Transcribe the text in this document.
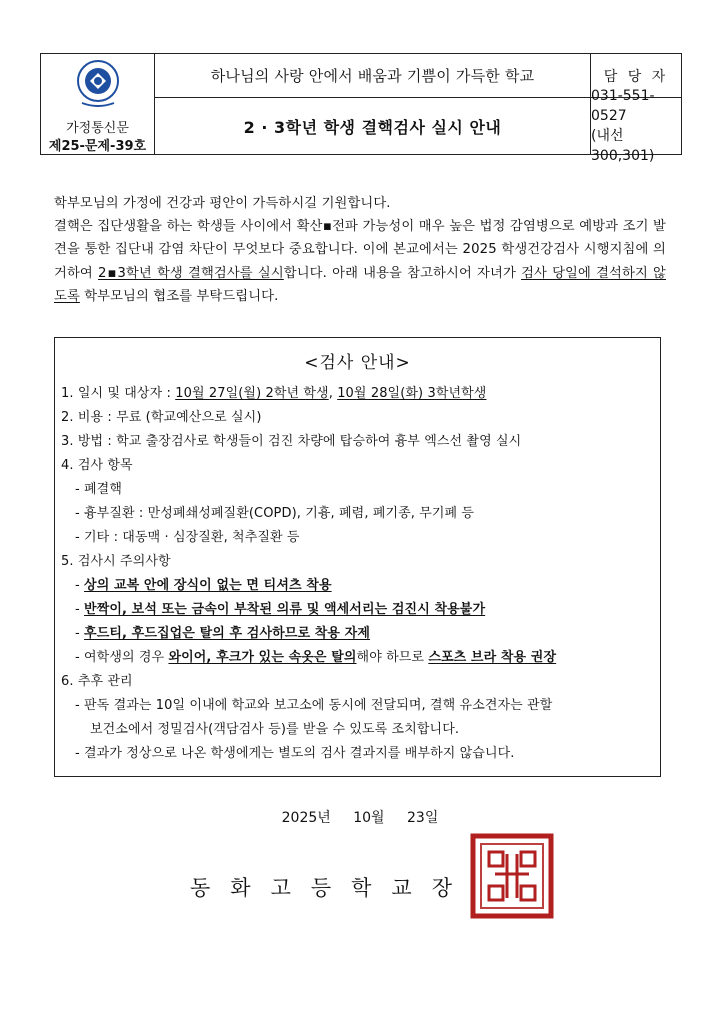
가정통신문
제25-문제-39호
하나님의 사랑 안에서 배움과 기쁨이 가득한 학교
2 · 3학년 학생 결핵검사 실시 안내
담 당 자
031-551-0527
(내선 300,301)
학부모님의 가정에 건강과 평안이 가득하시길 기원합니다.
결핵은 집단생활을 하는 학생들 사이에서 확산▪전파 가능성이 매우 높은 법정 감염병으로 예방과 조기 발견을 통한 집단내 감염 차단이 무엇보다 중요합니다. 이에 본교에서는 2025 학생건강검사 시행지침에 의거하여 2▪3학년 학생 결핵검사를 실시합니다. 아래 내용을 참고하시어 자녀가 검사 당일에 결석하지 않도록 학부모님의 협조를 부탁드립니다.
<검사 안내>
1. 일시 및 대상자 : 10월 27일(월) 2학년 학생, 10월 28일(화) 3학년학생
2. 비용 : 무료 (학교예산으로 실시)
3. 방법 : 학교 출장검사로 학생들이 검진 차량에 탑승하여 흉부 엑스선 촬영 실시
4. 검사 항목
- 폐결핵
- 흉부질환 : 만성폐쇄성폐질환(COPD), 기흉, 폐렴, 폐기종, 무기폐 등
- 기타 : 대동맥 · 심장질환, 척추질환 등
5. 검사시 주의사항
- 상의 교복 안에 장식이 없는 면 티셔츠 착용
- 반짝이, 보석 또는 금속이 부착된 의류 및 액세서리는 검진시 착용불가
- 후드티, 후드집업은 탈의 후 검사하므로 착용 자제
- 여학생의 경우 와이어, 후크가 있는 속옷은 탈의해야 하므로 스포츠 브라 착용 권장
6. 추후 관리
- 판독 결과는 10일 이내에 학교와 보고소에 동시에 전달되며, 결핵 유소견자는 관할
보건소에서 정밀검사(객담검사 등)를 받을 수 있도록 조치합니다.
- 결과가 정상으로 나온 학생에게는 별도의 검사 결과지를 배부하지 않습니다.
2025년 10월 23일
동화고등학교장
